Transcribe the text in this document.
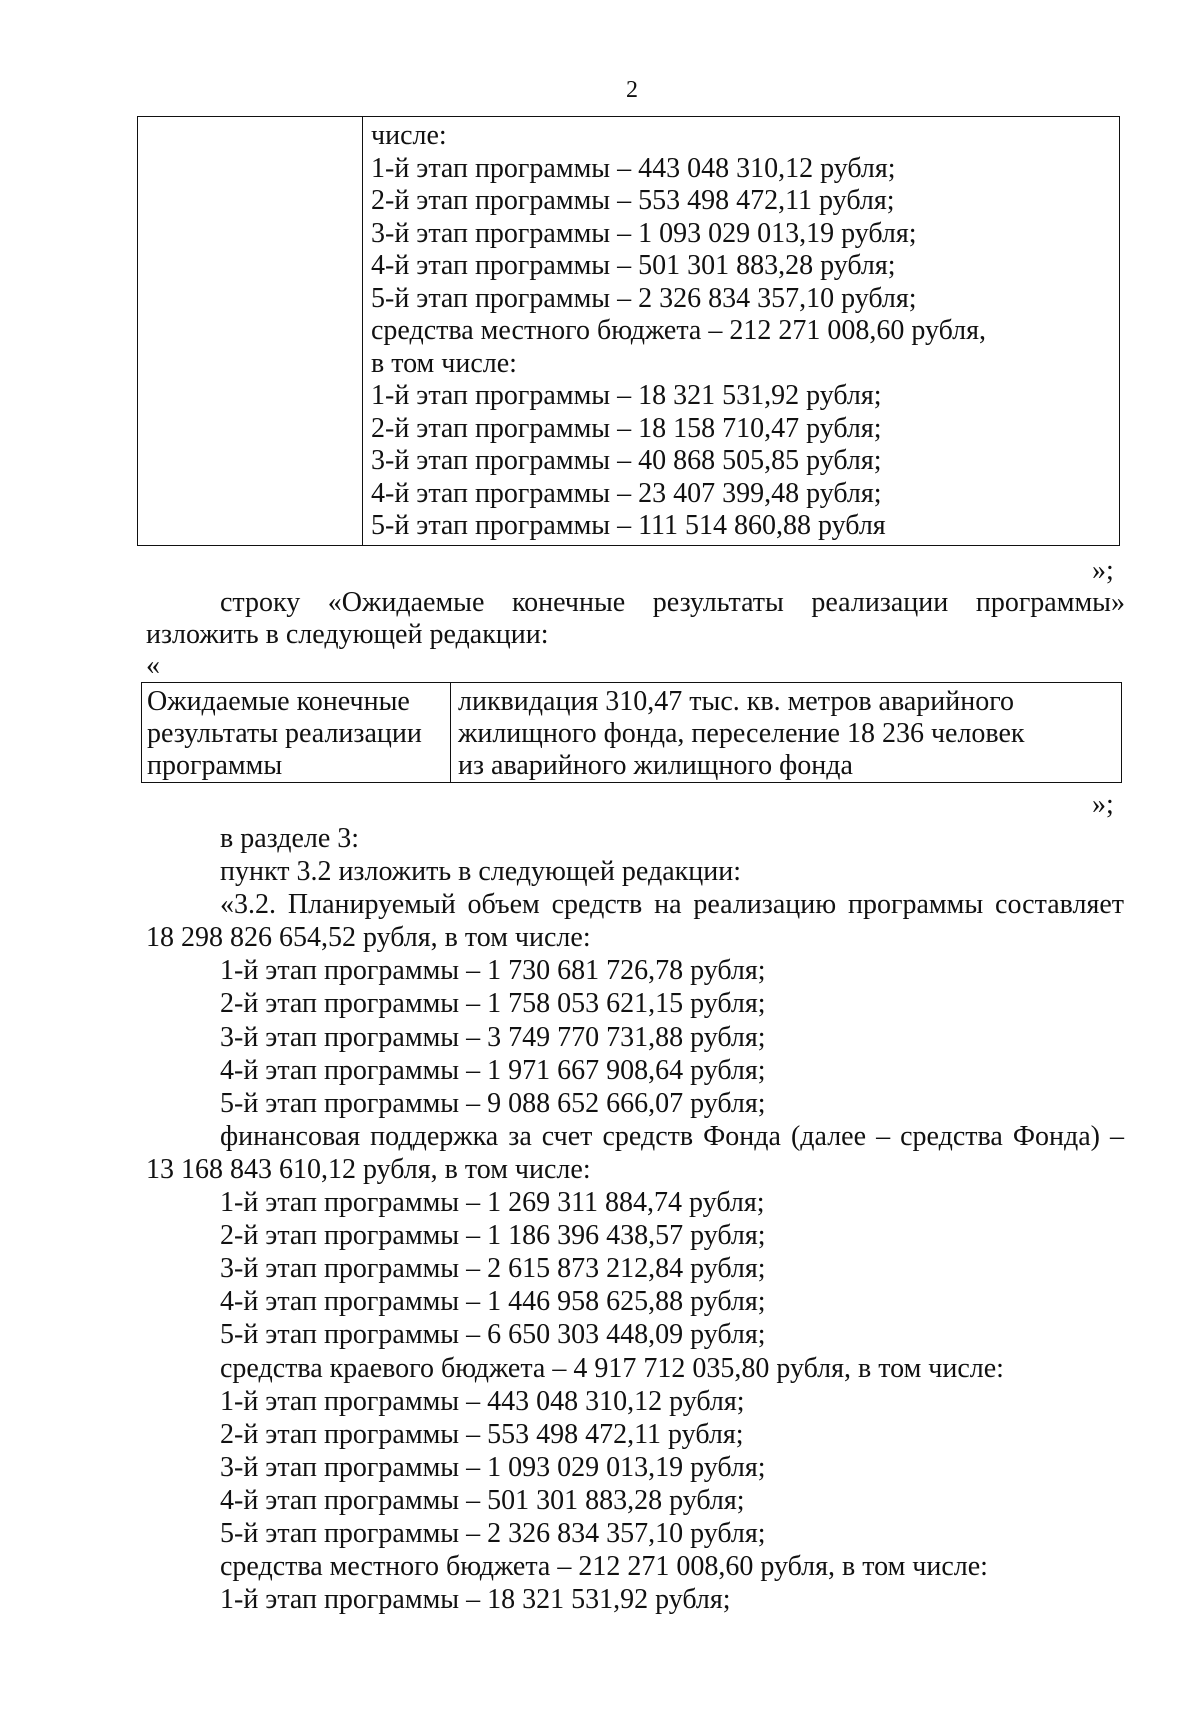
2
числе:
1-й этап программы – 443 048 310,12 рубля;
2-й этап программы – 553 498 472,11 рубля;
3-й этап программы – 1 093 029 013,19 рубля;
4-й этап программы – 501 301 883,28 рубля;
5-й этап программы – 2 326 834 357,10 рубля;
средства местного бюджета – 212 271 008,60 рубля,
в том числе:
1-й этап программы – 18 321 531,92 рубля;
2-й этап программы – 18 158 710,47 рубля;
3-й этап программы – 40 868 505,85 рубля;
4-й этап программы – 23 407 399,48 рубля;
5-й этап программы – 111 514 860,88 рубля
»;
строку «Ожидаемые конечные результаты реализации программы»
изложить в следующей редакции:
«
Ожидаемые конечные
результаты реализации
программы
ликвидация 310,47 тыс. кв. метров аварийного
жилищного фонда, переселение 18 236 человек
из аварийного жилищного фонда
»;
в разделе 3:
пункт 3.2 изложить в следующей редакции:
«3.2. Планируемый объем средств на реализацию программы составляет
18 298 826 654,52 рубля, в том числе:
1-й этап программы – 1 730 681 726,78 рубля;
2-й этап программы – 1 758 053 621,15 рубля;
3-й этап программы – 3 749 770 731,88 рубля;
4-й этап программы – 1 971 667 908,64 рубля;
5-й этап программы – 9 088 652 666,07 рубля;
финансовая поддержка за счет средств Фонда (далее – средства Фонда) –
13 168 843 610,12 рубля, в том числе:
1-й этап программы – 1 269 311 884,74 рубля;
2-й этап программы – 1 186 396 438,57 рубля;
3-й этап программы – 2 615 873 212,84 рубля;
4-й этап программы – 1 446 958 625,88 рубля;
5-й этап программы – 6 650 303 448,09 рубля;
средства краевого бюджета – 4 917 712 035,80 рубля, в том числе:
1-й этап программы – 443 048 310,12 рубля;
2-й этап программы – 553 498 472,11 рубля;
3-й этап программы – 1 093 029 013,19 рубля;
4-й этап программы – 501 301 883,28 рубля;
5-й этап программы – 2 326 834 357,10 рубля;
средства местного бюджета – 212 271 008,60 рубля, в том числе:
1-й этап программы – 18 321 531,92 рубля;
